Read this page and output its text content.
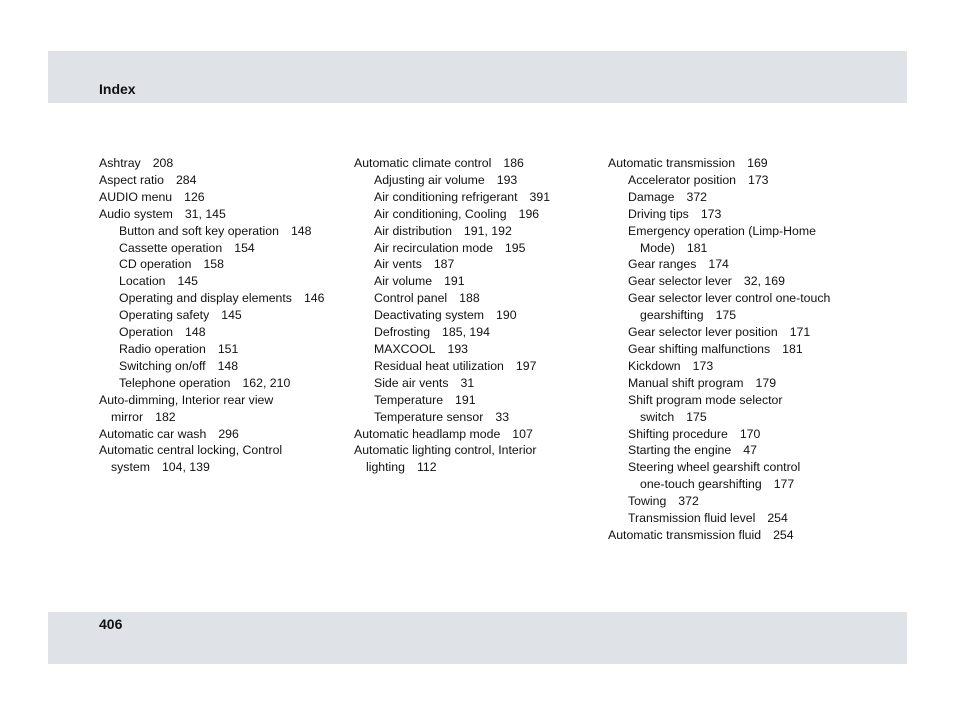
Index
Ashtray 208
Aspect ratio 284
AUDIO menu 126
Audio system 31, 145
Button and soft key operation 148
Cassette operation 154
CD operation 158
Location 145
Operating and display elements 146
Operating safety 145
Operation 148
Radio operation 151
Switching on/off 148
Telephone operation 162, 210
Auto-dimming, Interior rear view
mirror 182
Automatic car wash 296
Automatic central locking, Control
system 104, 139
Automatic climate control 186
Adjusting air volume 193
Air conditioning refrigerant 391
Air conditioning, Cooling 196
Air distribution 191, 192
Air recirculation mode 195
Air vents 187
Air volume 191
Control panel 188
Deactivating system 190
Defrosting 185, 194
MAXCOOL 193
Residual heat utilization 197
Side air vents 31
Temperature 191
Temperature sensor 33
Automatic headlamp mode 107
Automatic lighting control, Interior
lighting 112
Automatic transmission 169
Accelerator position 173
Damage 372
Driving tips 173
Emergency operation (Limp-Home
Mode) 181
Gear ranges 174
Gear selector lever 32, 169
Gear selector lever control one-touch
gearshifting 175
Gear selector lever position 171
Gear shifting malfunctions 181
Kickdown 173
Manual shift program 179
Shift program mode selector
switch 175
Shifting procedure 170
Starting the engine 47
Steering wheel gearshift control
one-touch gearshifting 177
Towing 372
Transmission fluid level 254
Automatic transmission fluid 254
406
